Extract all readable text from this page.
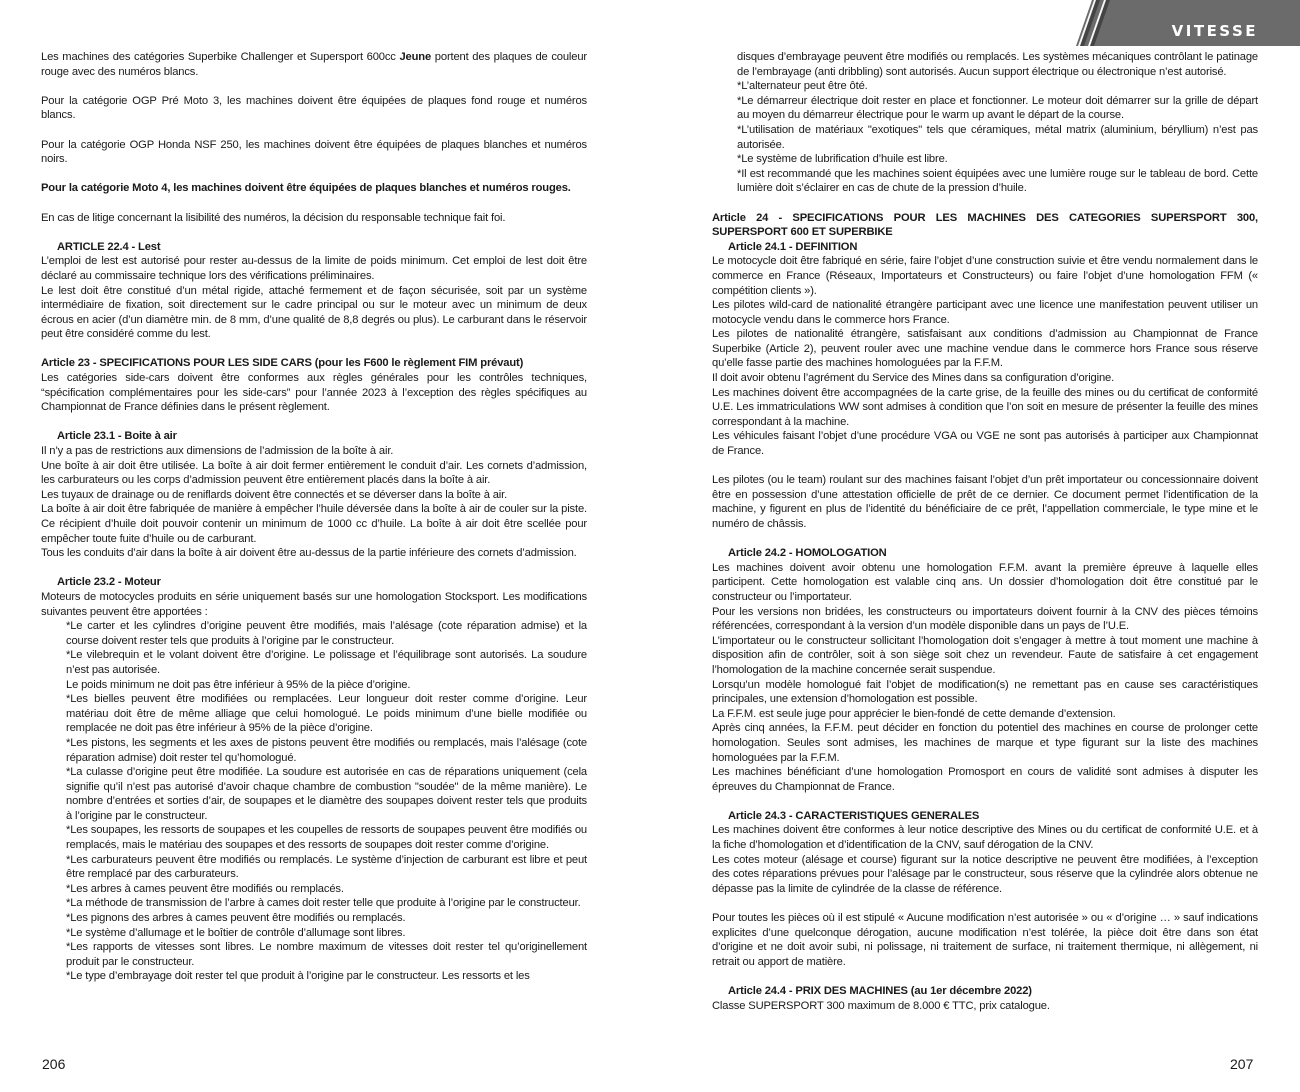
Les machines des catégories Superbike Challenger et Supersport 600cc Jeune portent des plaques de couleur rouge avec des numéros blancs.

Pour la catégorie OGP Pré Moto 3, les machines doivent être équipées de plaques fond rouge et numéros blancs.

Pour la catégorie OGP Honda NSF 250, les machines doivent être équipées de plaques blanches et numéros noirs.

Pour la catégorie Moto 4, les machines doivent être équipées de plaques blanches et numéros rouges.

En cas de litige concernant la lisibilité des numéros, la décision du responsable technique fait foi.

ARTICLE 22.4 - Lest

L’emploi de lest est autorisé pour rester au-dessus de la limite de poids minimum. Cet emploi de lest doit être déclaré au commissaire technique lors des vérifications préliminaires.

Le lest doit être constitué d’un métal rigide, attaché fermement et de façon sécurisée, soit par un système intermédiaire de fixation, soit directement sur le cadre principal ou sur le moteur avec un minimum de deux écrous en acier (d’un diamètre min. de 8 mm, d’une qualité de 8,8 degrés ou plus). Le carburant dans le réservoir peut être considéré comme du lest.

Article 23 - SPECIFICATIONS POUR LES SIDE CARS (pour les F600 le règlement FIM prévaut)

Les catégories side-cars doivent être conformes aux règles générales pour les contrôles techniques, “spécification complémentaires pour les side-cars” pour l’année 2023 à l’exception des règles spécifiques au Championnat de France définies dans le présent règlement.

Article 23.1 - Boite à air

Il n’y a pas de restrictions aux dimensions de l’admission de la boîte à air.

Une boîte à air doit être utilisée. La boîte à air doit fermer entièrement le conduit d’air. Les cornets d’admission, les carburateurs ou les corps d’admission peuvent être entièrement placés dans la boîte à air.

Les tuyaux de drainage ou de reniflards doivent être connectés et se déverser dans la boîte à air.

La boîte à air doit être fabriquée de manière à empêcher l’huile déversée dans la boîte à air de couler sur la piste. Ce récipient d’huile doit pouvoir contenir un minimum de 1000 cc d’huile. La boîte à air doit être scellée pour empêcher toute fuite d’huile ou de carburant.

Tous les conduits d’air dans la boîte à air doivent être au-dessus de la partie inférieure des cornets d’admission.

Article 23.2 - Moteur

Moteurs de motocycles produits en série uniquement basés sur une homologation Stocksport. Les modifications suivantes peuvent être apportées :

*Le carter et les cylindres d’origine peuvent être modifiés, mais l’alésage (cote réparation admise) et la course doivent rester tels que produits à l’origine par le constructeur.

*Le vilebrequin et le volant doivent être d’origine. Le polissage et l’équilibrage sont autorisés. La soudure n’est pas autorisée.

Le poids minimum ne doit pas être inférieur à 95% de la pièce d’origine.

*Les bielles peuvent être modifiées ou remplacées. Leur longueur doit rester comme d’origine. Leur matériau doit être de même alliage que celui homologué. Le poids minimum d’une bielle modifiée ou remplacée ne doit pas être inférieur à 95% de la pièce d’origine.

*Les pistons, les segments et les axes de pistons peuvent être modifiés ou remplacés, mais l’alésage (cote réparation admise) doit rester tel qu’homologué.

*La culasse d’origine peut être modifiée. La soudure est autorisée en cas de réparations uniquement (cela signifie qu’il n’est pas autorisé d’avoir chaque chambre de combustion "soudée" de la même manière). Le nombre d’entrées et sorties d’air, de soupapes et le diamètre des soupapes doivent rester tels que produits à l’origine par le constructeur.

*Les soupapes, les ressorts de soupapes et les coupelles de ressorts de soupapes peuvent être modifiés ou remplacés, mais le matériau des soupapes et des ressorts de soupapes doit rester comme d’origine.

*Les carburateurs peuvent être modifiés ou remplacés. Le système d’injection de carburant est libre et peut être remplacé par des carburateurs.

*Les arbres à cames peuvent être modifiés ou remplacés.

*La méthode de transmission de l’arbre à cames doit rester telle que produite à l’origine par le constructeur.

*Les pignons des arbres à cames peuvent être modifiés ou remplacés.

*Le système d’allumage et le boîtier de contrôle d’allumage sont libres.

*Les rapports de vitesses sont libres. Le nombre maximum de vitesses doit rester tel qu’originellement produit par le constructeur.

*Le type d’embrayage doit rester tel que produit à l’origine par le constructeur. Les ressorts et les

206

disques d’embrayage peuvent être modifiés ou remplacés. Les systèmes mécaniques contrôlant le patinage de l’embrayage (anti dribbling) sont autorisés. Aucun support électrique ou électronique n’est autorisé.

*L’alternateur peut être ôté.

*Le démarreur électrique doit rester en place et fonctionner. Le moteur doit démarrer sur la grille de départ au moyen du démarreur électrique pour le warm up avant le départ de la course.

*L’utilisation de matériaux "exotiques" tels que céramiques, métal matrix (aluminium, béryllium) n’est pas autorisée.

*Le système de lubrification d’huile est libre.

*Il est recommandé que les machines soient équipées avec une lumière rouge sur le tableau de bord. Cette lumière doit s’éclairer en cas de chute de la pression d’huile.

Article 24 - SPECIFICATIONS POUR LES MACHINES DES CATEGORIES SUPERSPORT 300, SUPERSPORT 600 ET SUPERBIKE

Article 24.1 - DEFINITION

Le motocycle doit être fabriqué en série, faire l’objet d’une construction suivie et être vendu normalement dans le commerce en France (Réseaux, Importateurs et Constructeurs) ou faire l’objet d’une homologation FFM (« compétition clients »).

Les pilotes wild-card de nationalité étrangère participant avec une licence une manifestation peuvent utiliser un motocycle vendu dans le commerce hors France.

Les pilotes de nationalité étrangère, satisfaisant aux conditions d’admission au Championnat de France Superbike (Article 2), peuvent rouler avec une machine vendue dans le commerce hors France sous réserve qu’elle fasse partie des machines homologuées par la F.F.M.

Il doit avoir obtenu l’agrément du Service des Mines dans sa configuration d’origine.

Les machines doivent être accompagnées de la carte grise, de la feuille des mines ou du certificat de conformité U.E. Les immatriculations WW sont admises à condition que l’on soit en mesure de présenter la feuille des mines correspondant à la machine.

Les véhicules faisant l’objet d’une procédure VGA ou VGE ne sont pas autorisés à participer aux Championnat de France.

Les pilotes (ou le team) roulant sur des machines faisant l’objet d’un prêt importateur ou concessionnaire doivent être en possession d’une attestation officielle de prêt de ce dernier. Ce document permet l’identification de la machine, y figurent en plus de l’identité du bénéficiaire de ce prêt, l’appellation commerciale, le type mine et le numéro de châssis.

Article 24.2 - HOMOLOGATION

Les machines doivent avoir obtenu une homologation F.F.M. avant la première épreuve à laquelle elles participent. Cette homologation est valable cinq ans. Un dossier d’homologation doit être constitué par le constructeur ou l’importateur.

Pour les versions non bridées, les constructeurs ou importateurs doivent fournir à la CNV des pièces témoins référencées, correspondant à la version d’un modèle disponible dans un pays de l’U.E.

L’importateur ou le constructeur sollicitant l’homologation doit s’engager à mettre à tout moment une machine à disposition afin de contrôler, soit à son siège soit chez un revendeur. Faute de satisfaire à cet engagement l’homologation de la machine concernée serait suspendue.

Lorsqu’un modèle homologué fait l’objet de modification(s) ne remettant pas en cause ses caractéristiques principales, une extension d’homologation est possible.

La F.F.M. est seule juge pour apprécier le bien-fondé de cette demande d’extension.

Après cinq années, la F.F.M. peut décider en fonction du potentiel des machines en course de prolonger cette homologation. Seules sont admises, les machines de marque et type figurant sur la liste des machines homologuées par la F.F.M.

Les machines bénéficiant d’une homologation Promosport en cours de validité sont admises à disputer les épreuves du Championnat de France.

Article 24.3 - CARACTERISTIQUES GENERALES

Les machines doivent être conformes à leur notice descriptive des Mines ou du certificat de conformité U.E. et à la fiche d’homologation et d’identification de la CNV, sauf dérogation de la CNV.

Les cotes moteur (alésage et course) figurant sur la notice descriptive ne peuvent être modifiées, à l’exception des cotes réparations prévues pour l’alésage par le constructeur, sous réserve que la cylindrée alors obtenue ne dépasse pas la limite de cylindrée de la classe de référence.

Pour toutes les pièces où il est stipulé « Aucune modification n’est autorisée » ou « d’origine … » sauf indications explicites d’une quelconque dérogation, aucune modification n’est tolérée, la pièce doit être dans son état d’origine et ne doit avoir subi, ni polissage, ni traitement de surface, ni traitement thermique, ni allègement, ni retrait ou apport de matière.

Article 24.4 - PRIX DES MACHINES (au 1er décembre 2022)

Classe SUPERSPORT 300 maximum de 8.000 € TTC, prix catalogue.

207
VITESSE
